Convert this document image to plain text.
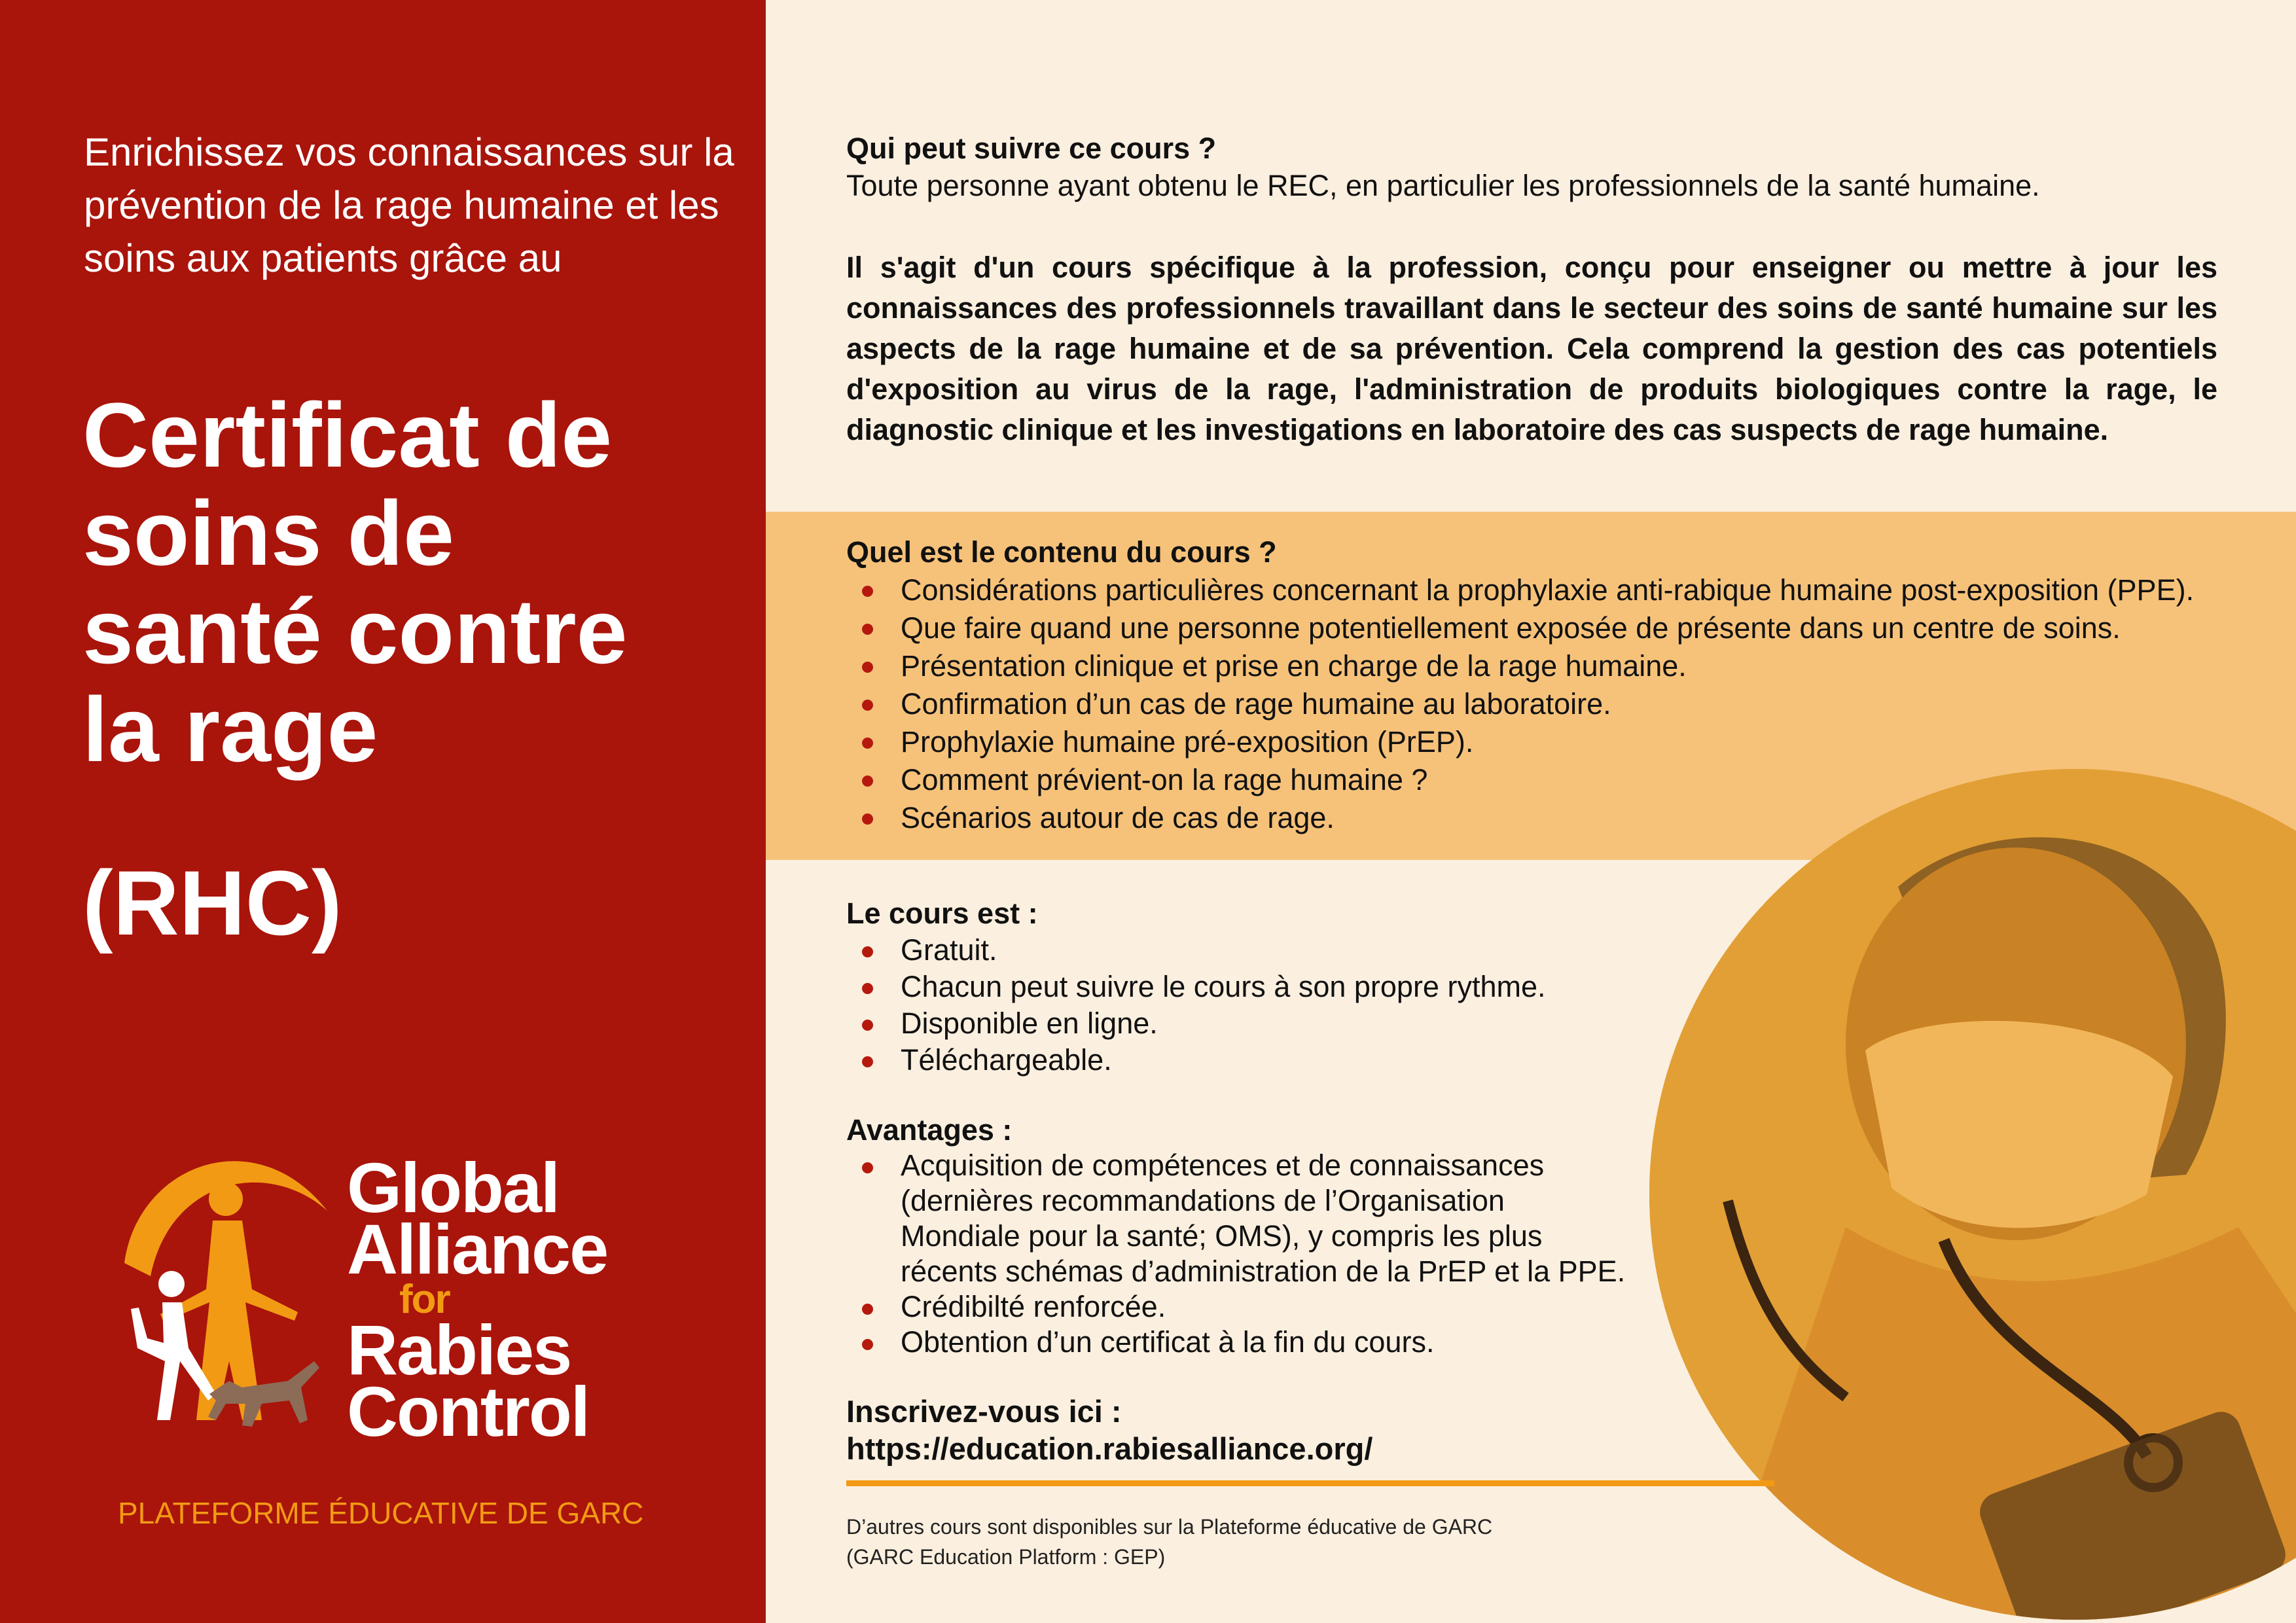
Enrichissez vos connaissances sur la prévention de la rage humaine et les soins aux patients grâce au
Certificat de
soins de
santé contre
la rage
(RHC)
Global
Alliance
for
Rabies
Control
PLATEFORME ÉDUCATIVE DE GARC
Qui peut suivre ce cours ?
Toute personne ayant obtenu le REC, en particulier les professionnels de la santé humaine.
Il s'agit d'un cours spécifique à la profession, conçu pour enseigner ou mettre à jour les connaissances des professionnels travaillant dans le secteur des soins de santé humaine sur les aspects de la rage humaine et de sa prévention. Cela comprend la gestion des cas potentiels d'exposition au virus de la rage, l'administration de produits biologiques contre la rage, le diagnostic clinique et les investigations en laboratoire des cas suspects de rage humaine.
Quel est le contenu du cours ?
Considérations particulières concernant la prophylaxie anti-rabique humaine post-exposition (PPE).
Que faire quand une personne potentiellement exposée de présente dans un centre de soins.
Présentation clinique et prise en charge de la rage humaine.
Confirmation d’un cas de rage humaine au laboratoire.
Prophylaxie humaine pré-exposition (PrEP).
Comment prévient-on la rage humaine ?
Scénarios autour de cas de rage.
Le cours est :
Gratuit.
Chacun peut suivre le cours à son propre rythme.
Disponible en ligne.
Téléchargeable.
Avantages :
Acquisition de compétences et de connaissances
(dernières recommandations de l’Organisation
Mondiale pour la santé; OMS), y compris les plus
récents schémas d’administration de la PrEP et la PPE.
Crédibilté renforcée.
Obtention d’un certificat à la fin du cours.
Inscrivez-vous ici :
https://education.rabiesalliance.org/
D’autres cours sont disponibles sur la Plateforme éducative de GARC
(GARC Education Platform : GEP)
